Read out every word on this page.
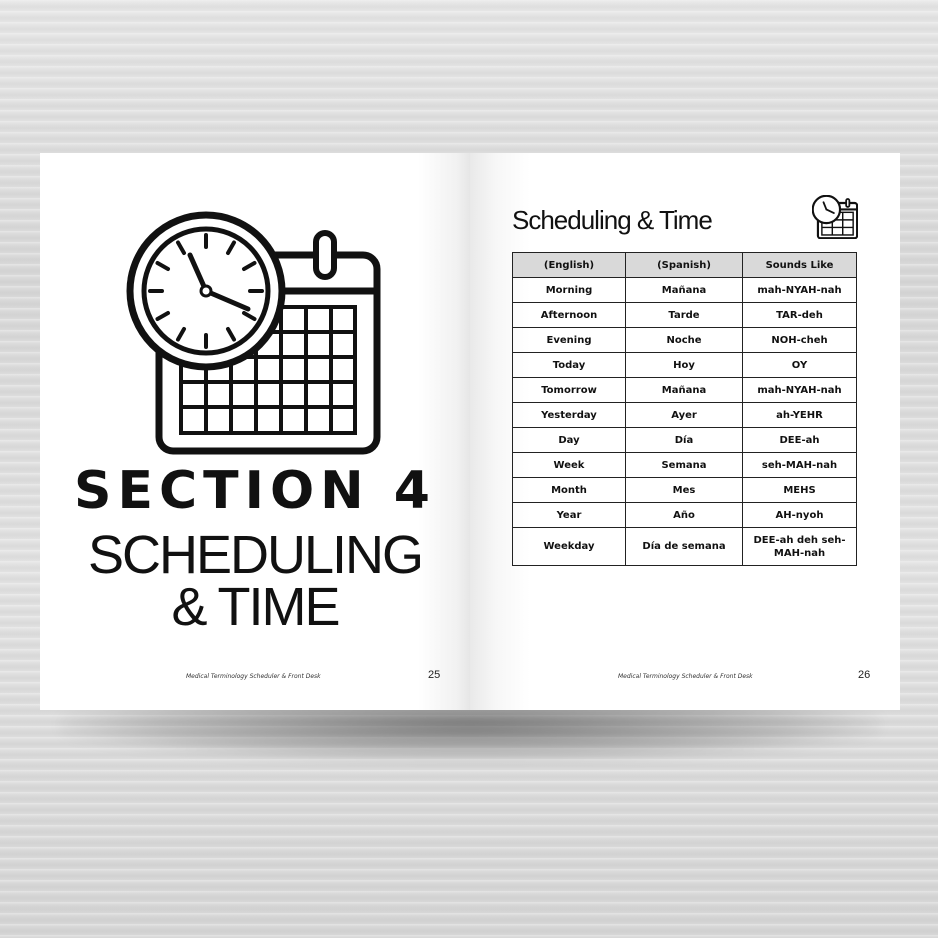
SECTION 4
SCHEDULING
& TIME
Medical Terminology Scheduler & Front Desk	25
Scheduling & Time
(English)	(Spanish)	Sounds Like
Morning	Mañana	mah-NYAH-nah
Afternoon	Tarde	TAR-deh
Evening	Noche	NOH-cheh
Today	Hoy	OY
Tomorrow	Mañana	mah-NYAH-nah
Yesterday	Ayer	ah-YEHR
Day	Día	DEE-ah
Week	Semana	seh-MAH-nah
Month	Mes	MEHS
Year	Año	AH-nyoh
Weekday	Día de semana	DEE-ah deh seh-MAH-nah
Medical Terminology Scheduler & Front Desk	26
